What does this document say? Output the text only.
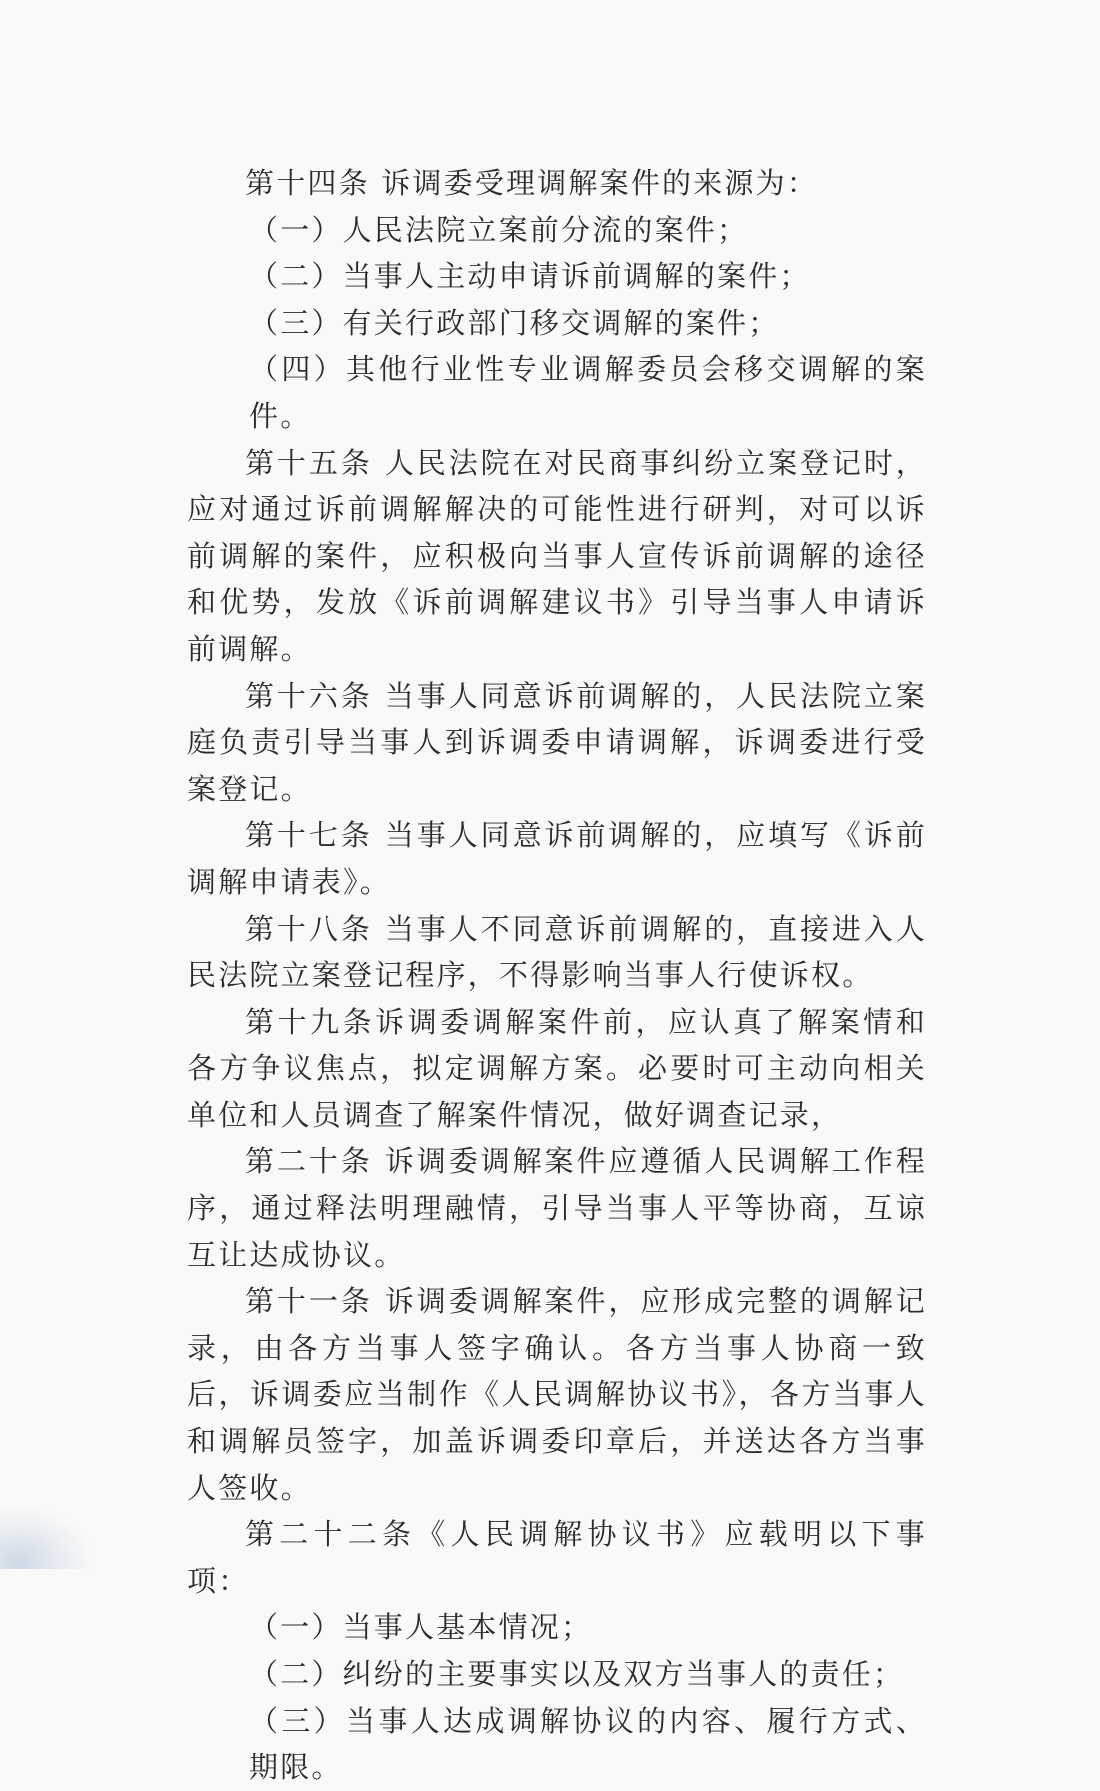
第十四条 诉调委受理调解案件的来源为：

（一）人民法院立案前分流的案件；

（二）当事人主动申请诉前调解的案件；

（三）有关行政部门移交调解的案件；

（四）其他行业性专业调解委员会移交调解的案件。

第十五条 人民法院在对民商事纠纷立案登记时，应对通过诉前调解解决的可能性进行研判，对可以诉前调解的案件，应积极向当事人宣传诉前调解的途径和优势，发放《诉前调解建议书》引导当事人申请诉前调解。

第十六条 当事人同意诉前调解的，人民法院立案庭负责引导当事人到诉调委申请调解，诉调委进行受案登记。

第十七条 当事人同意诉前调解的，应填写《诉前调解申请表》。

第十八条 当事人不同意诉前调解的，直接进入人民法院立案登记程序，不得影响当事人行使诉权。

第十九条诉调委调解案件前，应认真了解案情和各方争议焦点，拟定调解方案。必要时可主动向相关单位和人员调查了解案件情况，做好调查记录，

第二十条 诉调委调解案件应遵循人民调解工作程序，通过释法明理融情，引导当事人平等协商，互谅互让达成协议。

第十一条 诉调委调解案件，应形成完整的调解记录，由各方当事人签字确认。各方当事人协商一致后，诉调委应当制作《人民调解协议书》，各方当事人和调解员签字，加盖诉调委印章后，并送达各方当事人签收。

第二十二条《人民调解协议书》应载明以下事项：

（一）当事人基本情况；

（二）纠纷的主要事实以及双方当事人的责任；

（三）当事人达成调解协议的内容、履行方式、期限。
